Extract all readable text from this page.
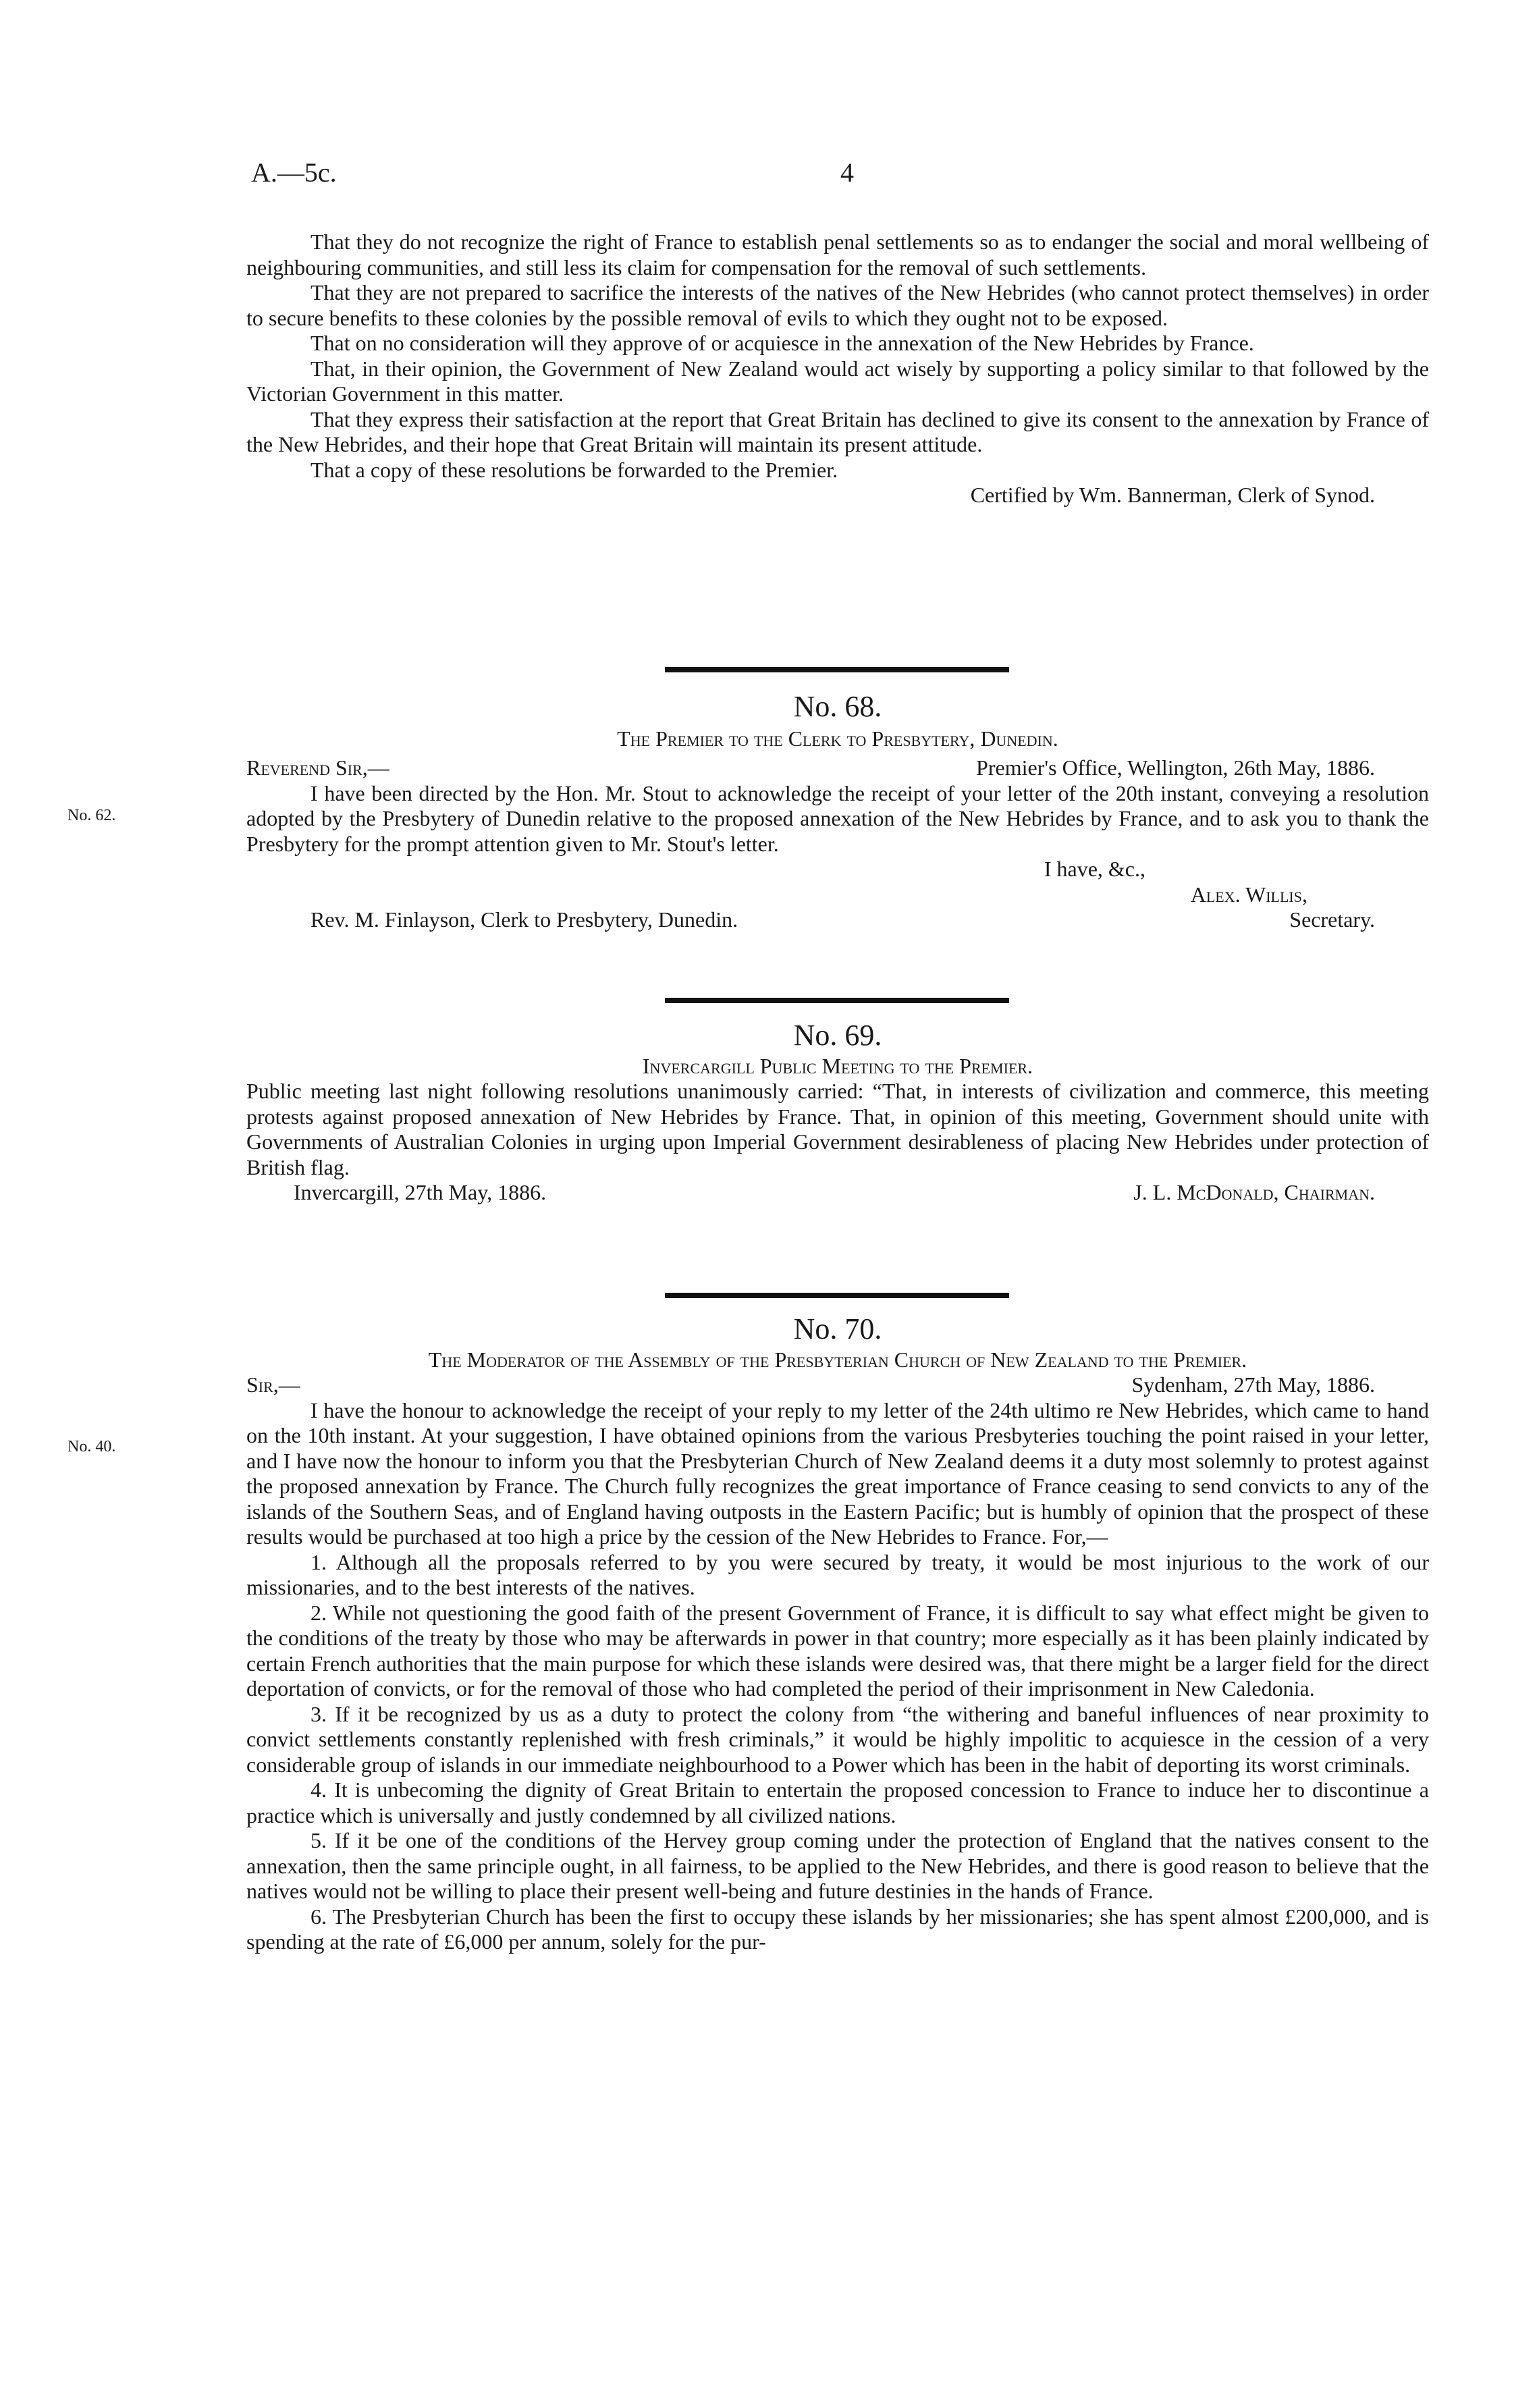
A.—5c.	4

That they do not recognize the right of France to establish penal settlements so as to endanger the social and moral wellbeing of neighbouring communities, and still less its claim for compensation for the removal of such settlements.

That they are not prepared to sacrifice the interests of the natives of the New Hebrides (who cannot protect themselves) in order to secure benefits to these colonies by the possible removal of evils to which they ought not to be exposed.

That on no consideration will they approve of or acquiesce in the annexation of the New Hebrides by France.

That, in their opinion, the Government of New Zealand would act wisely by supporting a policy similar to that followed by the Victorian Government in this matter.

That they express their satisfaction at the report that Great Britain has declined to give its consent to the annexation by France of the New Hebrides, and their hope that Great Britain will maintain its present attitude.

That a copy of these resolutions be forwarded to the Premier.

Certified by Wm. Bannerman, Clerk of Synod.

No. 68.
The Premier to the Clerk to Presbytery, Dunedin.
Reverend Sir,—	Premier's Office, Wellington, 26th May, 1886.

I have been directed by the Hon. Mr. Stout to acknowledge the receipt of your letter of the 20th instant, conveying a resolution adopted by the Presbytery of Dunedin relative to the proposed annexation of the New Hebrides by France, and to ask you to thank the Presbytery for the prompt attention given to Mr. Stout's letter.

I have, &c.,
Alex. Willis,
Rev. M. Finlayson, Clerk to Presbytery, Dunedin.	Secretary.
No. 62.
No. 69.
Invercargill Public Meeting to the Premier.

Public meeting last night following resolutions unanimously carried: “That, in interests of civilization and commerce, this meeting protests against proposed annexation of New Hebrides by France. That, in opinion of this meeting, Government should unite with Governments of Australian Colonies in urging upon Imperial Government desirableness of placing New Hebrides under protection of British flag.

Invercargill, 27th May, 1886.	J. L. McDonald, Chairman.
No. 70.
The Moderator of the Assembly of the Presbyterian Church of New Zealand to the Premier.
Sir,—	Sydenham, 27th May, 1886.

I have the honour to acknowledge the receipt of your reply to my letter of the 24th ultimo re New Hebrides, which came to hand on the 10th instant. At your suggestion, I have obtained opinions from the various Presbyteries touching the point raised in your letter, and I have now the honour to inform you that the Presbyterian Church of New Zealand deems it a duty most solemnly to protest against the proposed annexation by France. The Church fully recognizes the great importance of France ceasing to send convicts to any of the islands of the Southern Seas, and of England having outposts in the Eastern Pacific; but is humbly of opinion that the prospect of these results would be purchased at too high a price by the cession of the New Hebrides to France. For,—

1. Although all the proposals referred to by you were secured by treaty, it would be most injurious to the work of our missionaries, and to the best interests of the natives.

2. While not questioning the good faith of the present Government of France, it is difficult to say what effect might be given to the conditions of the treaty by those who may be afterwards in power in that country; more especially as it has been plainly indicated by certain French authorities that the main purpose for which these islands were desired was, that there might be a larger field for the direct deportation of convicts, or for the removal of those who had completed the period of their imprisonment in New Caledonia.

3. If it be recognized by us as a duty to protect the colony from “the withering and baneful influences of near proximity to convict settlements constantly replenished with fresh criminals,” it would be highly impolitic to acquiesce in the cession of a very considerable group of islands in our immediate neighbourhood to a Power which has been in the habit of deporting its worst criminals.

4. It is unbecoming the dignity of Great Britain to entertain the proposed concession to France to induce her to discontinue a practice which is universally and justly condemned by all civilized nations.

5. If it be one of the conditions of the Hervey group coming under the protection of England that the natives consent to the annexation, then the same principle ought, in all fairness, to be applied to the New Hebrides, and there is good reason to believe that the natives would not be willing to place their present well-being and future destinies in the hands of France.

6. The Presbyterian Church has been the first to occupy these islands by her missionaries; she has spent almost £200,000, and is spending at the rate of £6,000 per annum, solely for the pur-

No. 40.
